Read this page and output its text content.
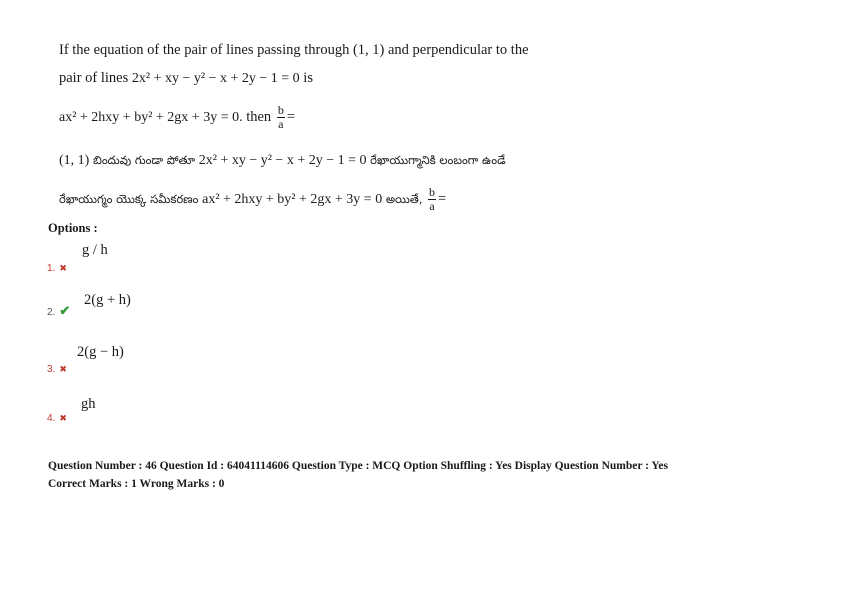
If the equation of the pair of lines passing through (1, 1) and perpendicular to the
pair of lines 2x² + xy − y² − x + 2y − 1 = 0 is
ax² + 2hxy + by² + 2gx + 3y = 0. then $\frac{b}{a}$ =
(1, 1) బిందువు గుండా పోతూ 2x² + xy − y² − x + 2y − 1 = 0 రేఖాయుగ్మానికి లంబంగా ఉండే
రేఖాయుగ్మం యొక్క సమీకరణం ax² + 2hxy + by² + 2gx + 3y = 0 అయితే, $\frac{b}{a}$ =
Options :
1. ✖
g / h
2. ✔
2(g + h)
3. ✖
2(g − h)
4. ✖
gh
Question Number : 46 Question Id : 64041114606 Question Type : MCQ Option Shuffling : Yes Display Question Number : Yes
Correct Marks : 1 Wrong Marks : 0
